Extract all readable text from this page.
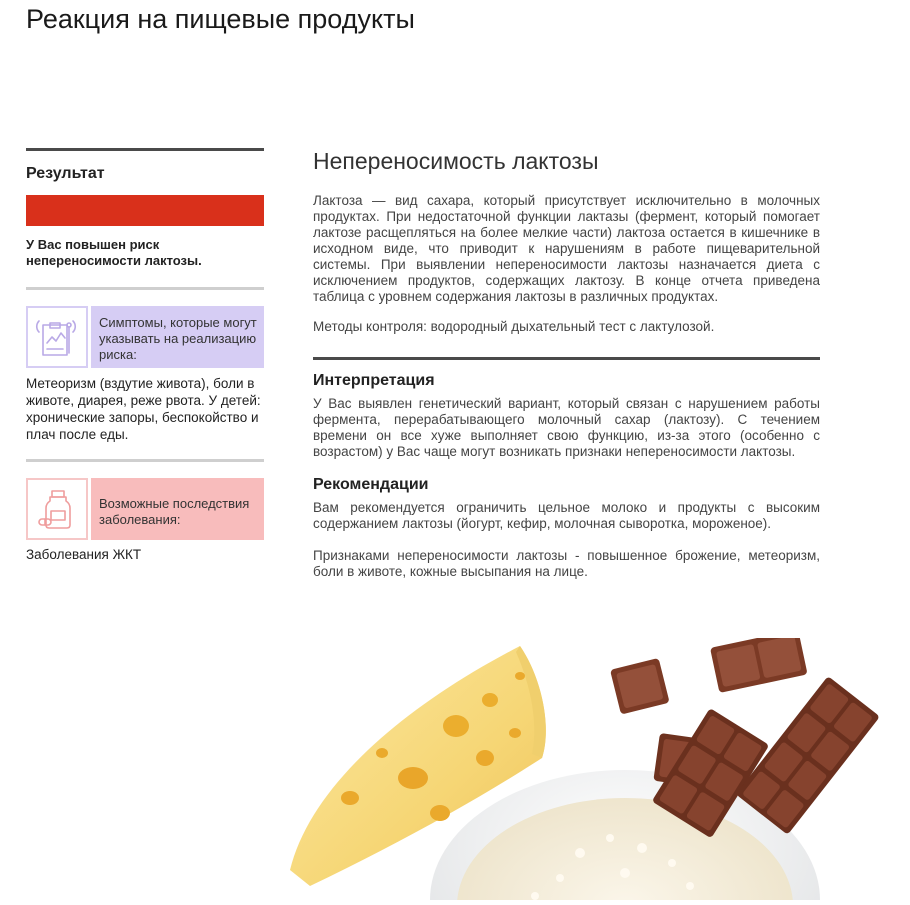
Реакция на пищевые продукты
Результат
У Вас повышен риск непереносимости лактозы.
Симптомы, которые могут указывать на реализацию риска:
Метеоризм (вздутие живота), боли в животе, диарея, реже рвота. У детей: хронические запоры, беспокойство и плач после еды.
Возможные последствия заболевания:
Заболевания ЖКТ
Непереносимость лактозы

Лактоза — вид сахара, который присутствует исключительно в молочных продуктах. При недостаточной функции лактазы (фермент, который помогает лактозе расщепляться на более мелкие части) лактоза остается в кишечнике в исходном виде, что приводит к нарушениям в работе пищеварительной системы. При выявлении непереносимости лактозы назначается диета с исключением продуктов, содержащих лактозу. В конце отчета приведена таблица с уровнем содержания лактозы в различных продуктах.

Методы контроля: водородный дыхательный тест с лактулозой.

Интерпретация

У Вас выявлен генетический вариант, который связан с нарушением работы фермента, перерабатывающего молочный сахар (лактозу). С течением времени он все хуже выполняет свою функцию, из-за этого (особенно с возрастом) у Вас чаще могут возникать признаки непереносимости лактозы.

Рекомендации

Вам рекомендуется ограничить цельное молоко и продукты с высоким содержанием лактозы (йогурт, кефир, молочная сыворотка, мороженое).

Признаками непереносимости лактозы - повышенное брожение, метеоризм, боли в животе, кожные высыпания на лице.
